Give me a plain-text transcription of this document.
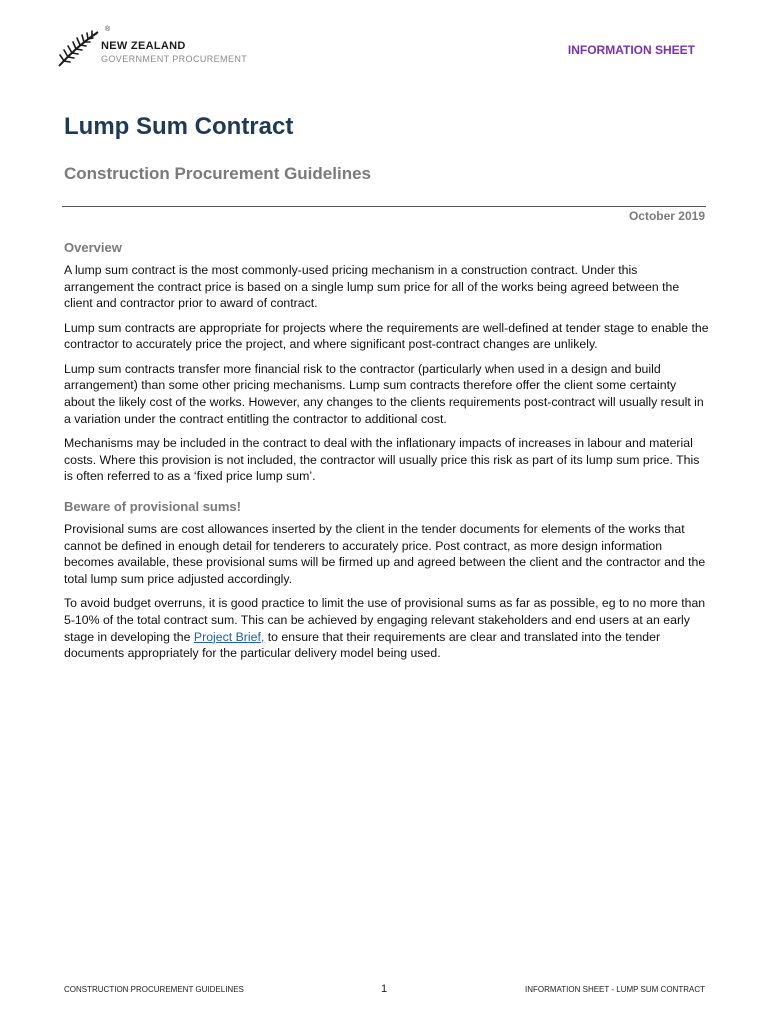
®
NEW ZEALAND
GOVERNMENT PROCUREMENT
INFORMATION SHEET
Lump Sum Contract
Construction Procurement Guidelines
October 2019
Overview

A lump sum contract is the most commonly-used pricing mechanism in a construction contract. Under this arrangement the contract price is based on a single lump sum price for all of the works being agreed between the client and contractor prior to award of contract.

Lump sum contracts are appropriate for projects where the requirements are well-defined at tender stage to enable the contractor to accurately price the project, and where significant post-contract changes are unlikely.

Lump sum contracts transfer more financial risk to the contractor (particularly when used in a design and build arrangement) than some other pricing mechanisms. Lump sum contracts therefore offer the client some certainty about the likely cost of the works. However, any changes to the clients requirements post-contract will usually result in a variation under the contract entitling the contractor to additional cost.

Mechanisms may be included in the contract to deal with the inflationary impacts of increases in labour and material costs. Where this provision is not included, the contractor will usually price this risk as part of its lump sum price. This is often referred to as a ‘fixed price lump sum’.

Beware of provisional sums!

Provisional sums are cost allowances inserted by the client in the tender documents for elements of the works that cannot be defined in enough detail for tenderers to accurately price. Post contract, as more design information becomes available, these provisional sums will be firmed up and agreed between the client and the contractor and the total lump sum price adjusted accordingly.

To avoid budget overruns, it is good practice to limit the use of provisional sums as far as possible, eg to no more than 5-10% of the total contract sum. This can be achieved by engaging relevant stakeholders and end users at an early stage in developing the Project Brief, to ensure that their requirements are clear and translated into the tender documents appropriately for the particular delivery model being used.

CONSTRUCTION PROCUREMENT GUIDELINES	1	INFORMATION SHEET - LUMP SUM CONTRACT
